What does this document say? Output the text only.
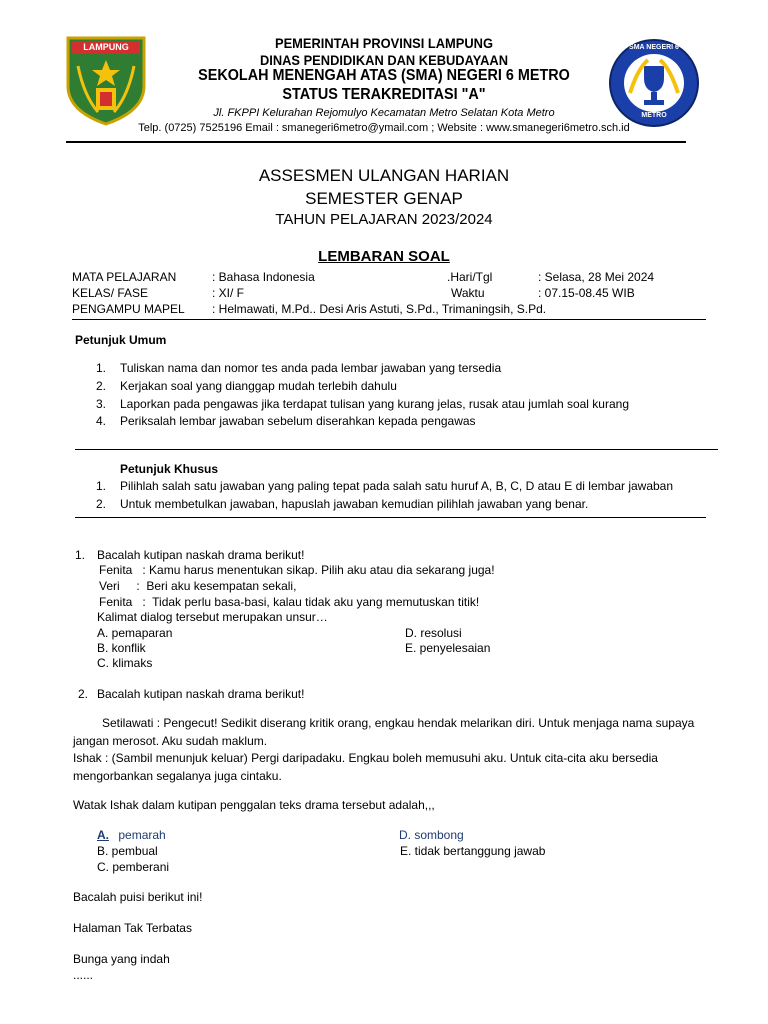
LAMPUNG	SMA NEGERI 6
METRO
PEMERINTAH PROVINSI LAMPUNG
DINAS PENDIDIKAN DAN KEBUDAYAAN
SEKOLAH MENENGAH ATAS (SMA) NEGERI 6 METRO
STATUS TERAKREDITASI "A"
Jl. FKPPI Kelurahan Rejomulyo Kecamatan Metro Selatan Kota Metro
Telp. (0725) 7525196 Email : smanegeri6metro@ymail.com ; Website : www.smanegeri6metro.sch.id
ASSESMEN ULANGAN HARIAN
SEMESTER GENAP
TAHUN PELAJARAN 2023/2024
LEMBARAN SOAL
MATA PELAJARAN	: Bahasa Indonesia	.Hari/Tgl	: Selasa, 28 Mei 2024
KELAS/ FASE	: XI/ F	Waktu	: 07.15-08.45 WIB
PENGAMPU MAPEL : Helmawati, M.Pd.. Desi Aris Astuti, S.Pd., Trimaningsih, S.Pd.
Petunjuk Umum
1. Tuliskan nama dan nomor tes anda pada lembar jawaban yang tersedia
2. Kerjakan soal yang dianggap mudah terlebih dahulu
3. Laporkan pada pengawas jika terdapat tulisan yang kurang jelas, rusak atau jumlah soal kurang
4. Periksalah lembar jawaban sebelum diserahkan kepada pengawas
Petunjuk Khusus
1. Pilihlah salah satu jawaban yang paling tepat pada salah satu huruf A, B, C, D atau E di lembar jawaban
2. Untuk membetulkan jawaban, hapuslah jawaban kemudian pilihlah jawaban yang benar.
1. Bacalah kutipan naskah drama berikut!
Fenita   : Kamu harus menentukan sikap. Pilih aku atau dia sekarang juga!
Veri     :  Beri aku kesempatan sekali,
Fenita   :  Tidak perlu basa-basi, kalau tidak aku yang memutuskan titik!
Kalimat dialog tersebut merupakan unsur…
A. pemaparan
B. konflik
C. klimaks
D. resolusi
E. penyelesaian
2. Bacalah kutipan naskah drama berikut!
Setilawati : Pengecut! Sedikit diserang kritik orang, engkau hendak melarikan diri. Untuk menjaga nama supaya
jangan merosot. Aku sudah maklum.
Ishak : (Sambil menunjuk keluar) Pergi daripadaku. Engkau boleh memusuhi aku. Untuk cita-cita aku bersedia
mengorbankan segalanya juga cintaku.
Watak Ishak dalam kutipan penggalan teks drama tersebut adalah,,,
A. pemarah
B. pembual
C. pemberani
D. sombong
E. tidak bertanggung jawab
Bacalah puisi berikut ini!
Halaman Tak Terbatas
Bunga yang indah
......
